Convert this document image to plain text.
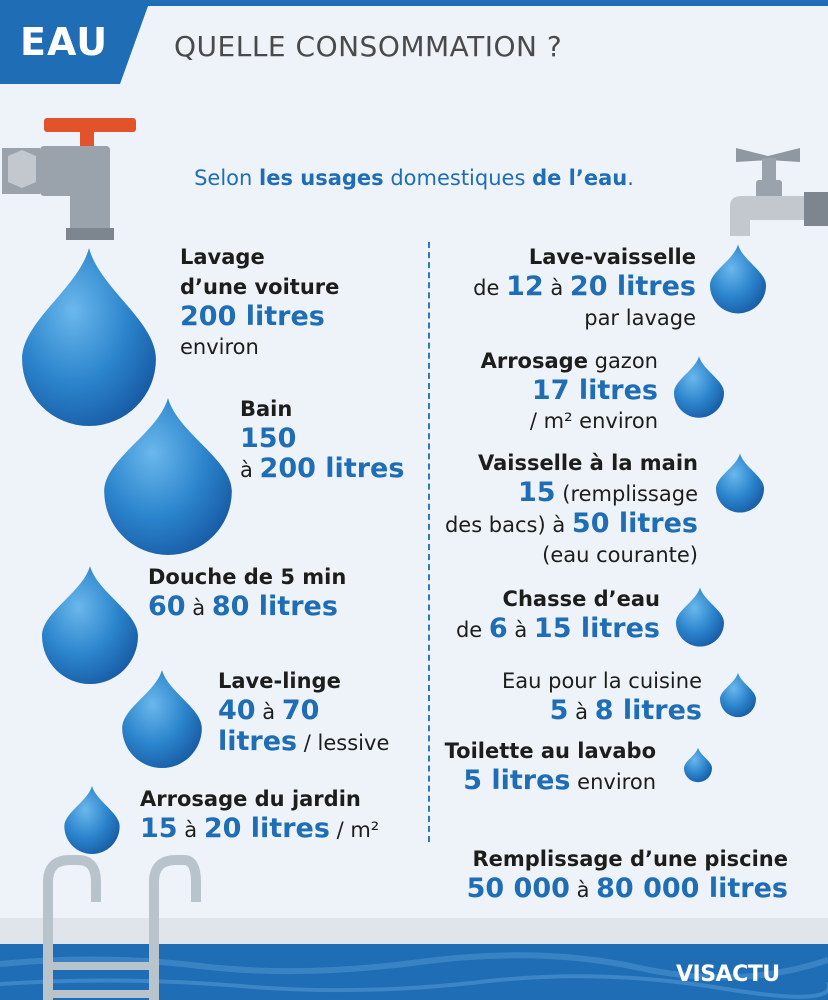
EAU QUELLE CONSOMMATION ?
Selon les usages domestiques de l’eau.
Lavage
d’une voiture
200 litres
environ
Bain
150
à 200 litres
Douche de 5 min
60 à 80 litres
Lave-linge
40 à 70
litres / lessive
Arrosage du jardin
15 à 20 litres / m²
Lave-vaisselle
de 12 à 20 litres
par lavage
Arrosage gazon
17 litres
/ m² environ
Vaisselle à la main
15 (remplissage
des bacs) à 50 litres
(eau courante)
Chasse d’eau
de 6 à 15 litres
Eau pour la cuisine
5 à 8 litres
Toilette au lavabo
5 litres environ
Remplissage d’une piscine
50 000 à 80 000 litres
VISACTU
